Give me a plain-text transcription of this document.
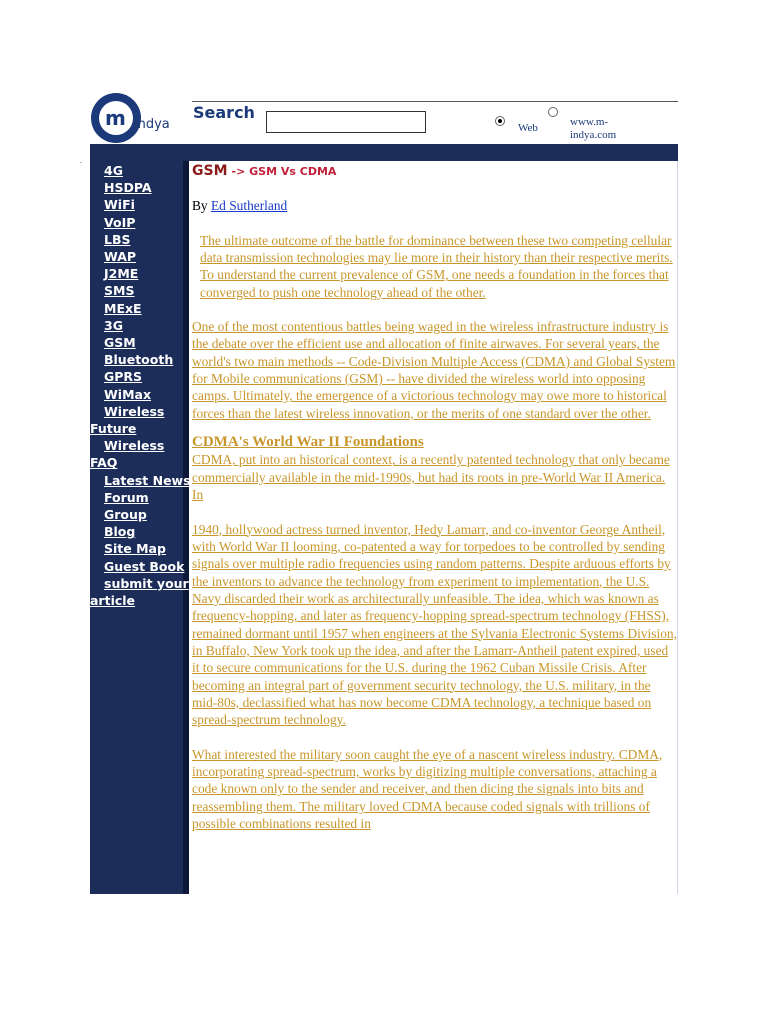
m indya
Search
Web	www.m-indya.com
.
4G
HSDPA
WiFi
VoIP
LBS
WAP
J2ME
SMS
MExE
3G
GSM
Bluetooth
GPRS
WiMax
Wireless Future
Wireless FAQ
Latest News
Forum
Group
Blog
Site Map
Guest Book
submit your article
GSM -> GSM Vs CDMA
By Ed Sutherland
The ultimate outcome of the battle for dominance between these two competing cellular data transmission technologies may lie more in their history than their respective merits. To understand the current prevalence of GSM, one needs a foundation in the forces that converged to push one technology ahead of the other.
One of the most contentious battles being waged in the wireless infrastructure industry is the debate over the efficient use and allocation of finite airwaves. For several years, the world's two main methods -- Code-Division Multiple Access (CDMA) and Global System for Mobile communications (GSM) -- have divided the wireless world into opposing camps. Ultimately, the emergence of a victorious technology may owe more to historical forces than the latest wireless innovation, or the merits of one standard over the other.
CDMA's World War II Foundations
CDMA, put into an historical context, is a recently patented technology that only became commercially available in the mid-1990s, but had its roots in pre-World War II America. In
1940, hollywood actress turned inventor, Hedy Lamarr, and co-inventor George Antheil, with World War II looming, co-patented a way for torpedoes to be controlled by sending signals over multiple radio frequencies using random patterns. Despite arduous efforts by the inventors to advance the technology from experiment to implementation, the U.S. Navy discarded their work as architecturally unfeasible. The idea, which was known as frequency-hopping, and later as frequency-hopping spread-spectrum technology (FHSS), remained dormant until 1957 when engineers at the Sylvania Electronic Systems Division, in Buffalo, New York took up the idea, and after the Lamarr-Antheil patent expired, used it to secure communications for the U.S. during the 1962 Cuban Missile Crisis. After becoming an integral part of government security technology, the U.S. military, in the mid-80s, declassified what has now become CDMA technology, a technique based on spread-spectrum technology.
What interested the military soon caught the eye of a nascent wireless industry. CDMA, incorporating spread-spectrum, works by digitizing multiple conversations, attaching a code known only to the sender and receiver, and then dicing the signals into bits and reassembling them. The military loved CDMA because coded signals with trillions of possible combinations resulted in
